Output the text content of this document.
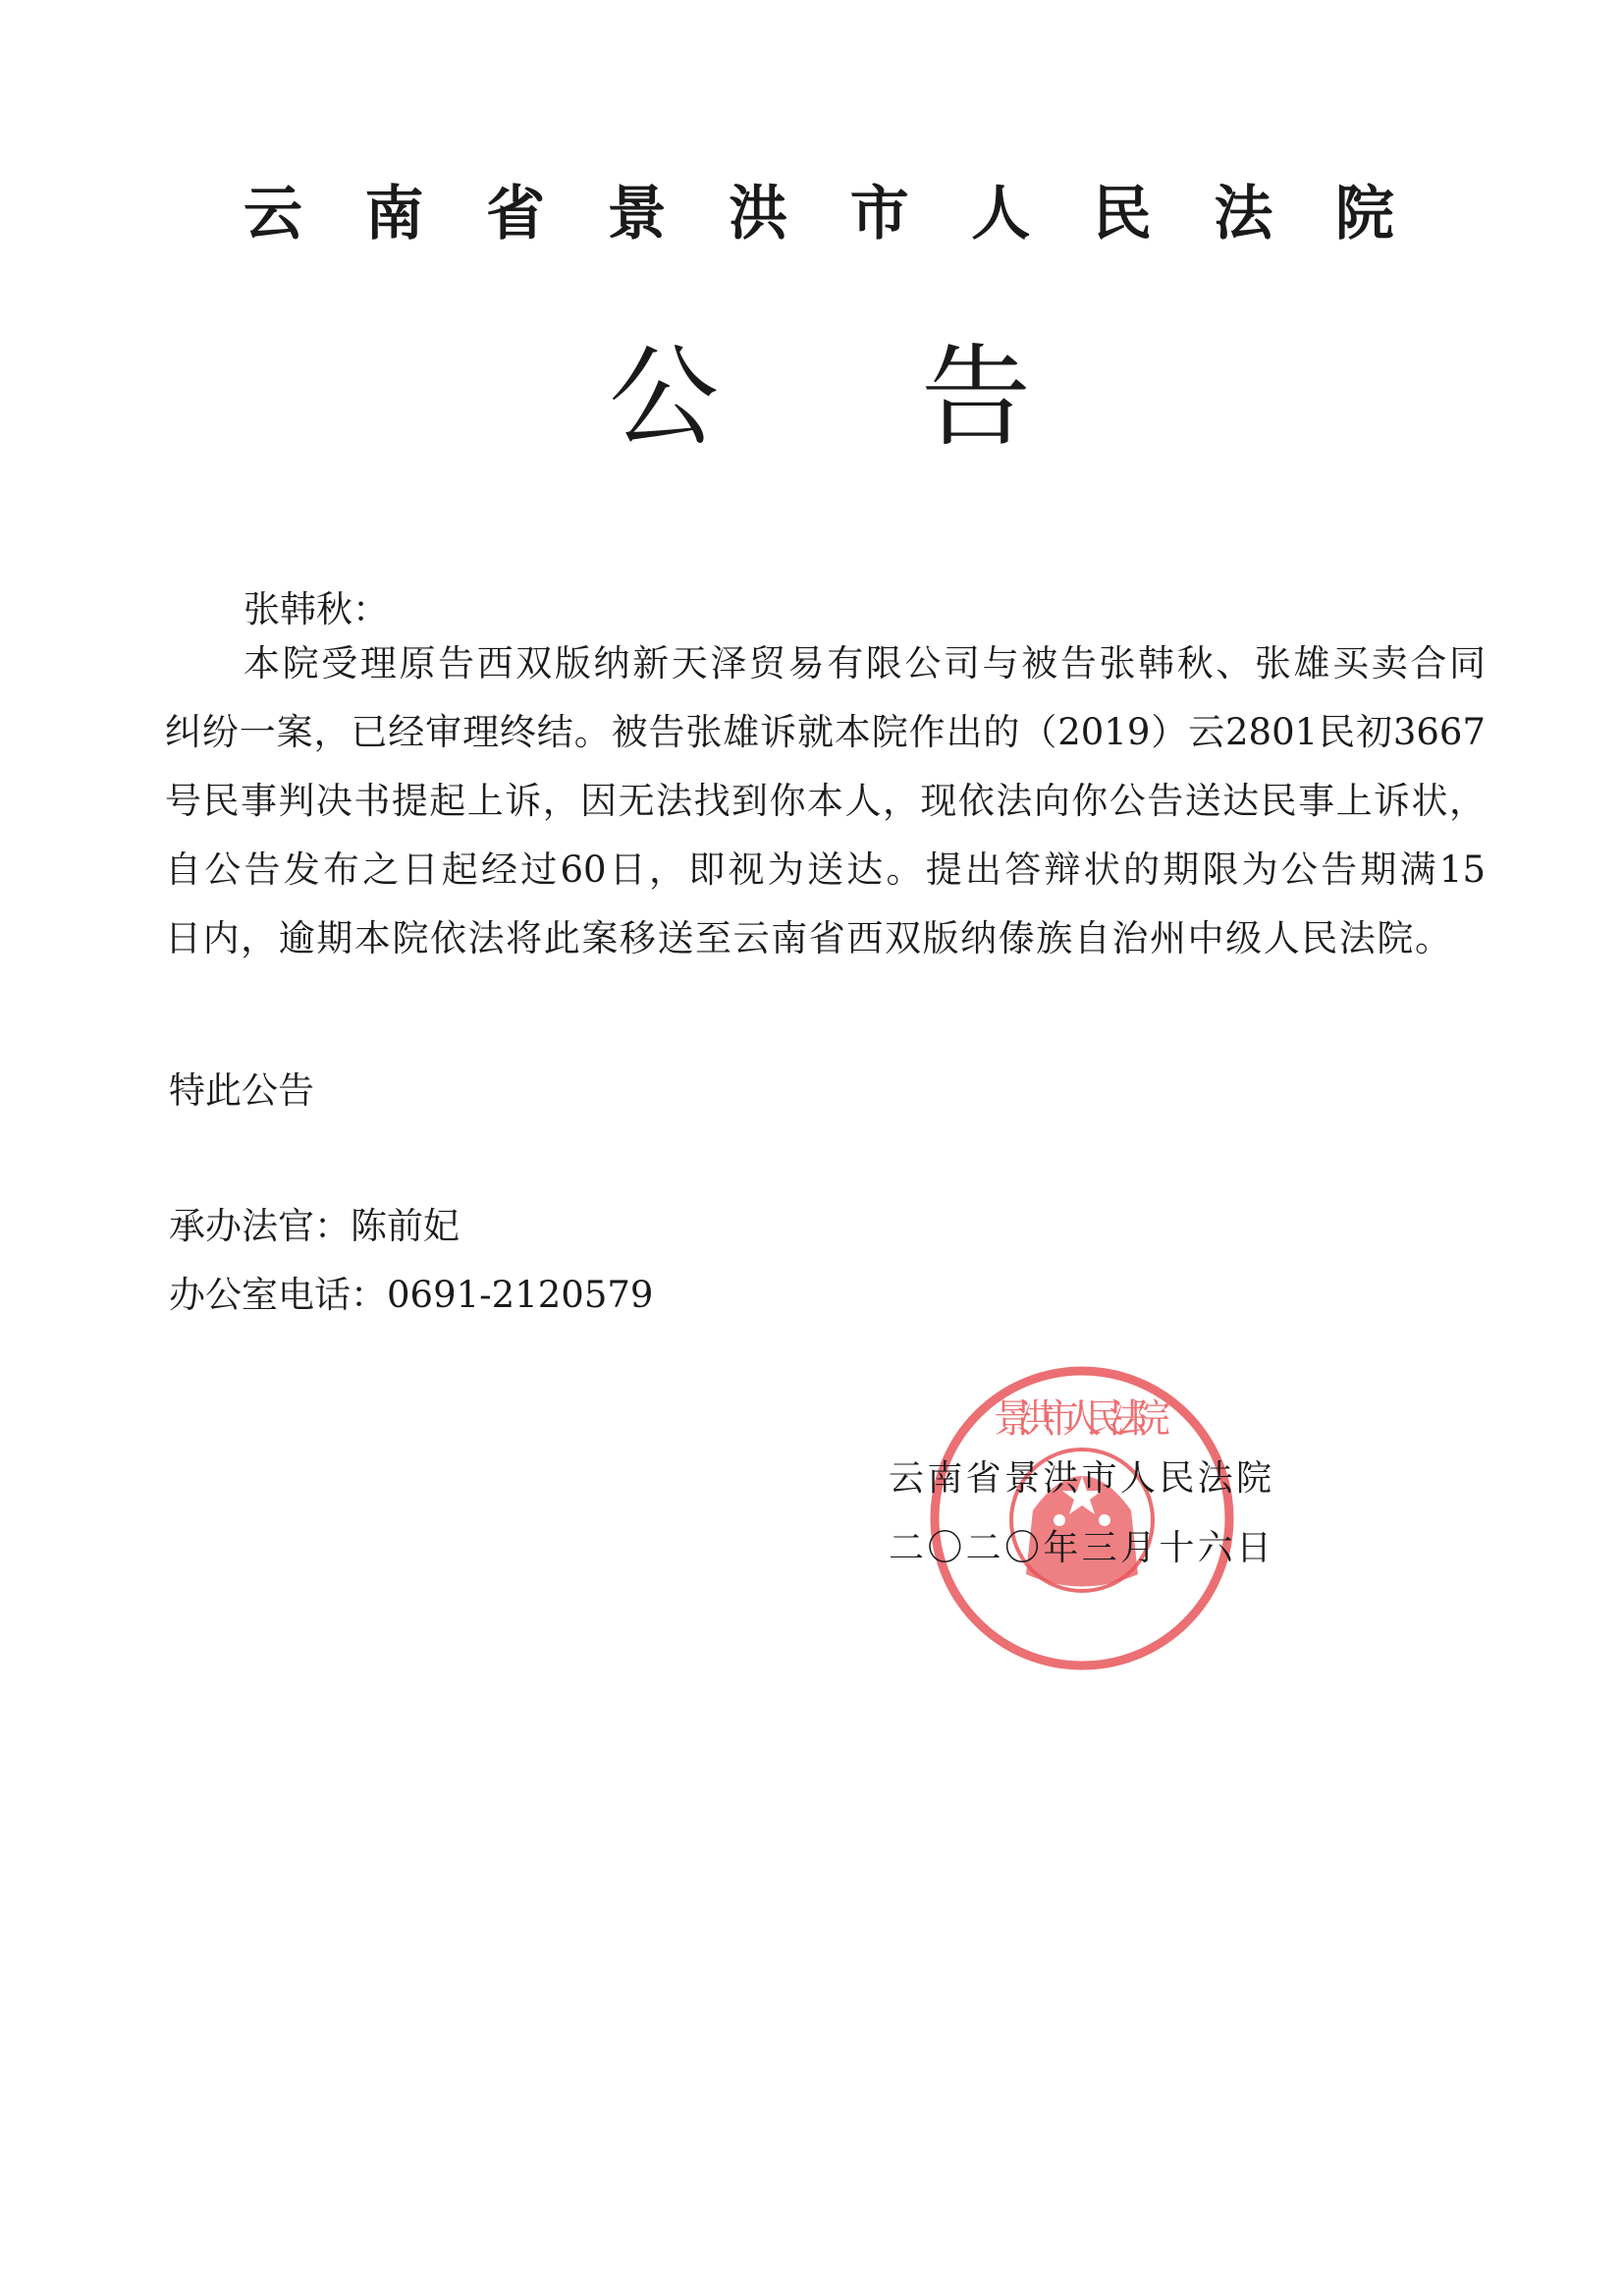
云 南 省 景 洪 市 人 民 法 院
公 告
张韩秋：
本院受理原告西双版纳新天泽贸易有限公司与被告张韩秋、张雄买卖合同
纠纷一案，已经审理终结。被告张雄诉就本院作出的（2019）云2801民初3667
号民事判决书提起上诉，因无法找到你本人，现依法向你公告送达民事上诉状，
自公告发布之日起经过60日，即视为送达。提出答辩状的期限为公告期满15
日内，逾期本院依法将此案移送至云南省西双版纳傣族自治州中级人民法院。
特此公告
承办法官：陈前妃
办公室电话：0691-2120579
景洪市人民法院
云南省景洪市人民法院
二〇二〇年三月十六日
